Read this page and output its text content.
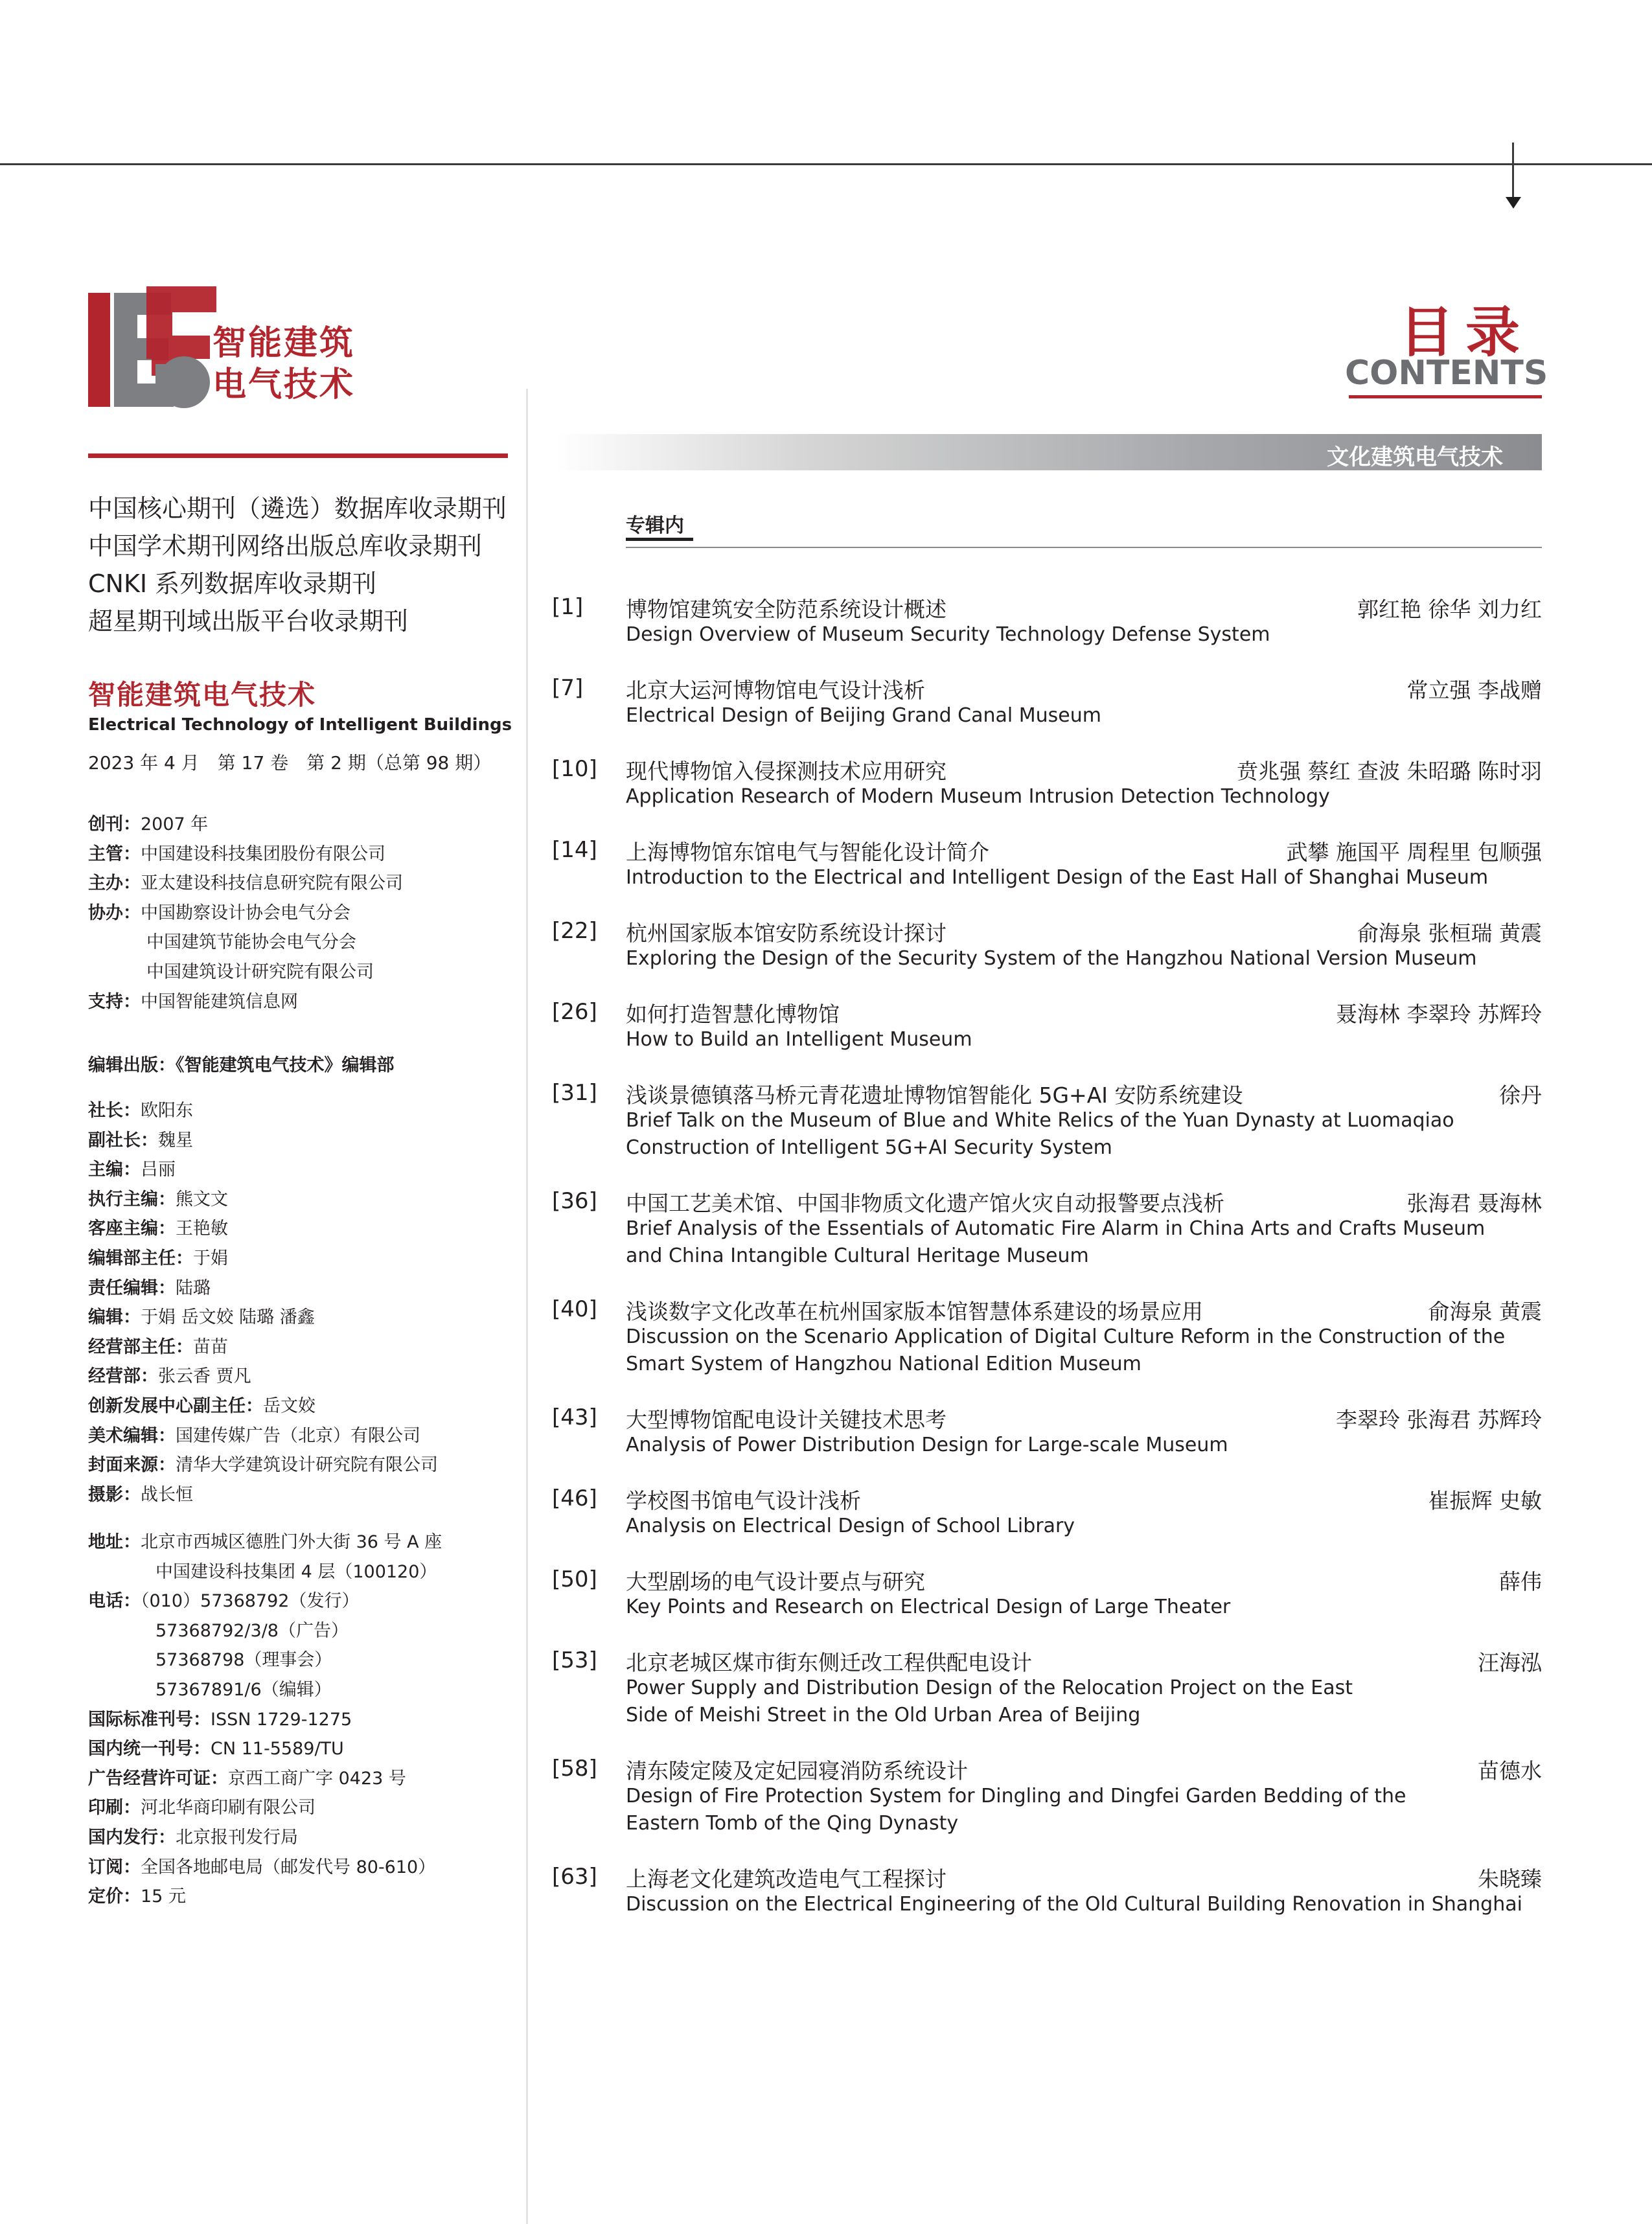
智能建筑
电气技术
中国核心期刊（遴选）数据库收录期刊
中国学术期刊网络出版总库收录期刊
CNKI 系列数据库收录期刊
超星期刊域出版平台收录期刊
智能建筑电气技术
Electrical Technology of Intelligent Buildings
2023 年 4 月　第 17 卷　第 2 期（总第 98 期）
创刊：2007 年
主管：中国建设科技集团股份有限公司
主办：亚太建设科技信息研究院有限公司
协办：中国勘察设计协会电气分会
中国建筑节能协会电气分会
中国建筑设计研究院有限公司
支持：中国智能建筑信息网
编辑出版：《智能建筑电气技术》编辑部
社长：欧阳东
副社长：魏星
主编：吕丽
执行主编：熊文文
客座主编：王艳敏
编辑部主任：于娟
责任编辑：陆璐
编辑：于娟 岳文姣 陆璐 潘鑫
经营部主任：苗苗
经营部：张云香 贾凡
创新发展中心副主任：岳文姣
美术编辑：国建传媒广告（北京）有限公司
封面来源：清华大学建筑设计研究院有限公司
摄影：战长恒
地址：北京市西城区德胜门外大街 36 号 A 座
中国建设科技集团 4 层（100120）
电话：（010）57368792（发行）
57368792/3/8（广告）
57368798（理事会）
57367891/6（编辑）
国际标准刊号：ISSN 1729-1275
国内统一刊号：CN 11-5589/TU
广告经营许可证：京西工商广字 0423 号
印刷：河北华商印刷有限公司
国内发行：北京报刊发行局
订阅：全国各地邮电局（邮发代号 80-610）
定价：15 元
目录
CONTENTS
文化建筑电气技术
专辑内
[1] 博物馆建筑安全防范系统设计概述	郭红艳 徐华 刘力红
Design Overview of Museum Security Technology Defense System
[7] 北京大运河博物馆电气设计浅析	常立强 李战赠
Electrical Design of Beijing Grand Canal Museum
[10] 现代博物馆入侵探测技术应用研究	贲兆强 蔡红 查波 朱昭璐 陈时羽
Application Research of Modern Museum Intrusion Detection Technology
[14] 上海博物馆东馆电气与智能化设计简介	武攀 施国平 周程里 包顺强
Introduction to the Electrical and Intelligent Design of the East Hall of Shanghai Museum
[22] 杭州国家版本馆安防系统设计探讨	俞海泉 张桓瑞 黄震
Exploring the Design of the Security System of the Hangzhou National Version Museum
[26] 如何打造智慧化博物馆	聂海林 李翠玲 苏辉玲
How to Build an Intelligent Museum
[31] 浅谈景德镇落马桥元青花遗址博物馆智能化 5G+AI 安防系统建设	徐丹
Brief Talk on the Museum of Blue and White Relics of the Yuan Dynasty at Luomaqiao
Construction of Intelligent 5G+AI Security System
[36] 中国工艺美术馆、中国非物质文化遗产馆火灾自动报警要点浅析	张海君 聂海林
Brief Analysis of the Essentials of Automatic Fire Alarm in China Arts and Crafts Museum
and China Intangible Cultural Heritage Museum
[40] 浅谈数字文化改革在杭州国家版本馆智慧体系建设的场景应用	俞海泉 黄震
Discussion on the Scenario Application of Digital Culture Reform in the Construction of the
Smart System of Hangzhou National Edition Museum
[43] 大型博物馆配电设计关键技术思考	李翠玲 张海君 苏辉玲
Analysis of Power Distribution Design for Large-scale Museum
[46] 学校图书馆电气设计浅析	崔振辉 史敏
Analysis on Electrical Design of School Library
[50] 大型剧场的电气设计要点与研究	薛伟
Key Points and Research on Electrical Design of Large Theater
[53] 北京老城区煤市街东侧迁改工程供配电设计	汪海泓
Power Supply and Distribution Design of the Relocation Project on the East
Side of Meishi Street in the Old Urban Area of Beijing
[58] 清东陵定陵及定妃园寝消防系统设计	苗德水
Design of Fire Protection System for Dingling and Dingfei Garden Bedding of the
Eastern Tomb of the Qing Dynasty
[63] 上海老文化建筑改造电气工程探讨	朱晓臻
Discussion on the Electrical Engineering of the Old Cultural Building Renovation in Shanghai
